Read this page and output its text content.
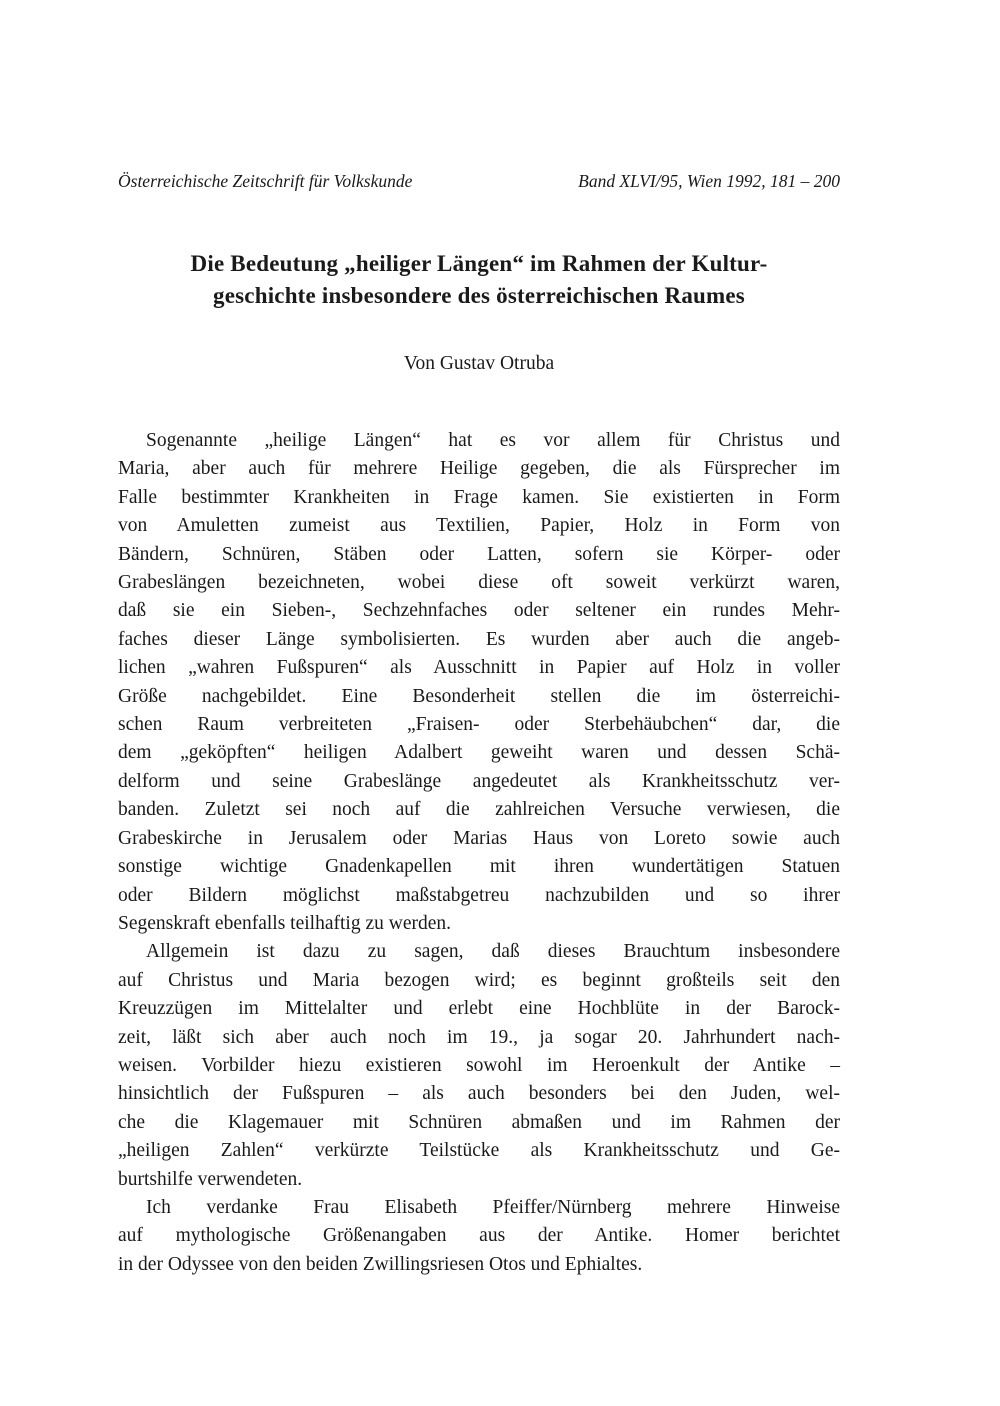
Österreichische Zeitschrift für Volkskunde	Band XLVI/95, Wien 1992, 181 – 200
Die Bedeutung „heiliger Längen“ im Rahmen der Kultur-
geschichte insbesondere des österreichischen Raumes
Von Gustav Otruba
Sogenannte „heilige Längen“ hat es vor allem für Christus und
Maria, aber auch für mehrere Heilige gegeben, die als Fürsprecher im
Falle bestimmter Krankheiten in Frage kamen. Sie existierten in Form
von Amuletten zumeist aus Textilien, Papier, Holz in Form von
Bändern, Schnüren, Stäben oder Latten, sofern sie Körper- oder
Grabeslängen bezeichneten, wobei diese oft soweit verkürzt waren,
daß sie ein Sieben-, Sechzehnfaches oder seltener ein rundes Mehr-
faches dieser Länge symbolisierten. Es wurden aber auch die angeb-
lichen „wahren Fußspuren“ als Ausschnitt in Papier auf Holz in voller
Größe nachgebildet. Eine Besonderheit stellen die im österreichi-
schen Raum verbreiteten „Fraisen- oder Sterbehäubchen“ dar, die
dem „geköpften“ heiligen Adalbert geweiht waren und dessen Schä-
delform und seine Grabeslänge angedeutet als Krankheitsschutz ver-
banden. Zuletzt sei noch auf die zahlreichen Versuche verwiesen, die
Grabeskirche in Jerusalem oder Marias Haus von Loreto sowie auch
sonstige wichtige Gnadenkapellen mit ihren wundertätigen Statuen
oder Bildern möglichst maßstabgetreu nachzubilden und so ihrer
Segenskraft ebenfalls teilhaftig zu werden.
Allgemein ist dazu zu sagen, daß dieses Brauchtum insbesondere
auf Christus und Maria bezogen wird; es beginnt großteils seit den
Kreuzzügen im Mittelalter und erlebt eine Hochblüte in der Barock-
zeit, läßt sich aber auch noch im 19., ja sogar 20. Jahrhundert nach-
weisen. Vorbilder hiezu existieren sowohl im Heroenkult der Antike –
hinsichtlich der Fußspuren – als auch besonders bei den Juden, wel-
che die Klagemauer mit Schnüren abmaßen und im Rahmen der
„heiligen Zahlen“ verkürzte Teilstücke als Krankheitsschutz und Ge-
burtshilfe verwendeten.
Ich verdanke Frau Elisabeth Pfeiffer/Nürnberg mehrere Hinweise
auf mythologische Größenangaben aus der Antike. Homer berichtet
in der Odyssee von den beiden Zwillingsriesen Otos und Ephialtes.
